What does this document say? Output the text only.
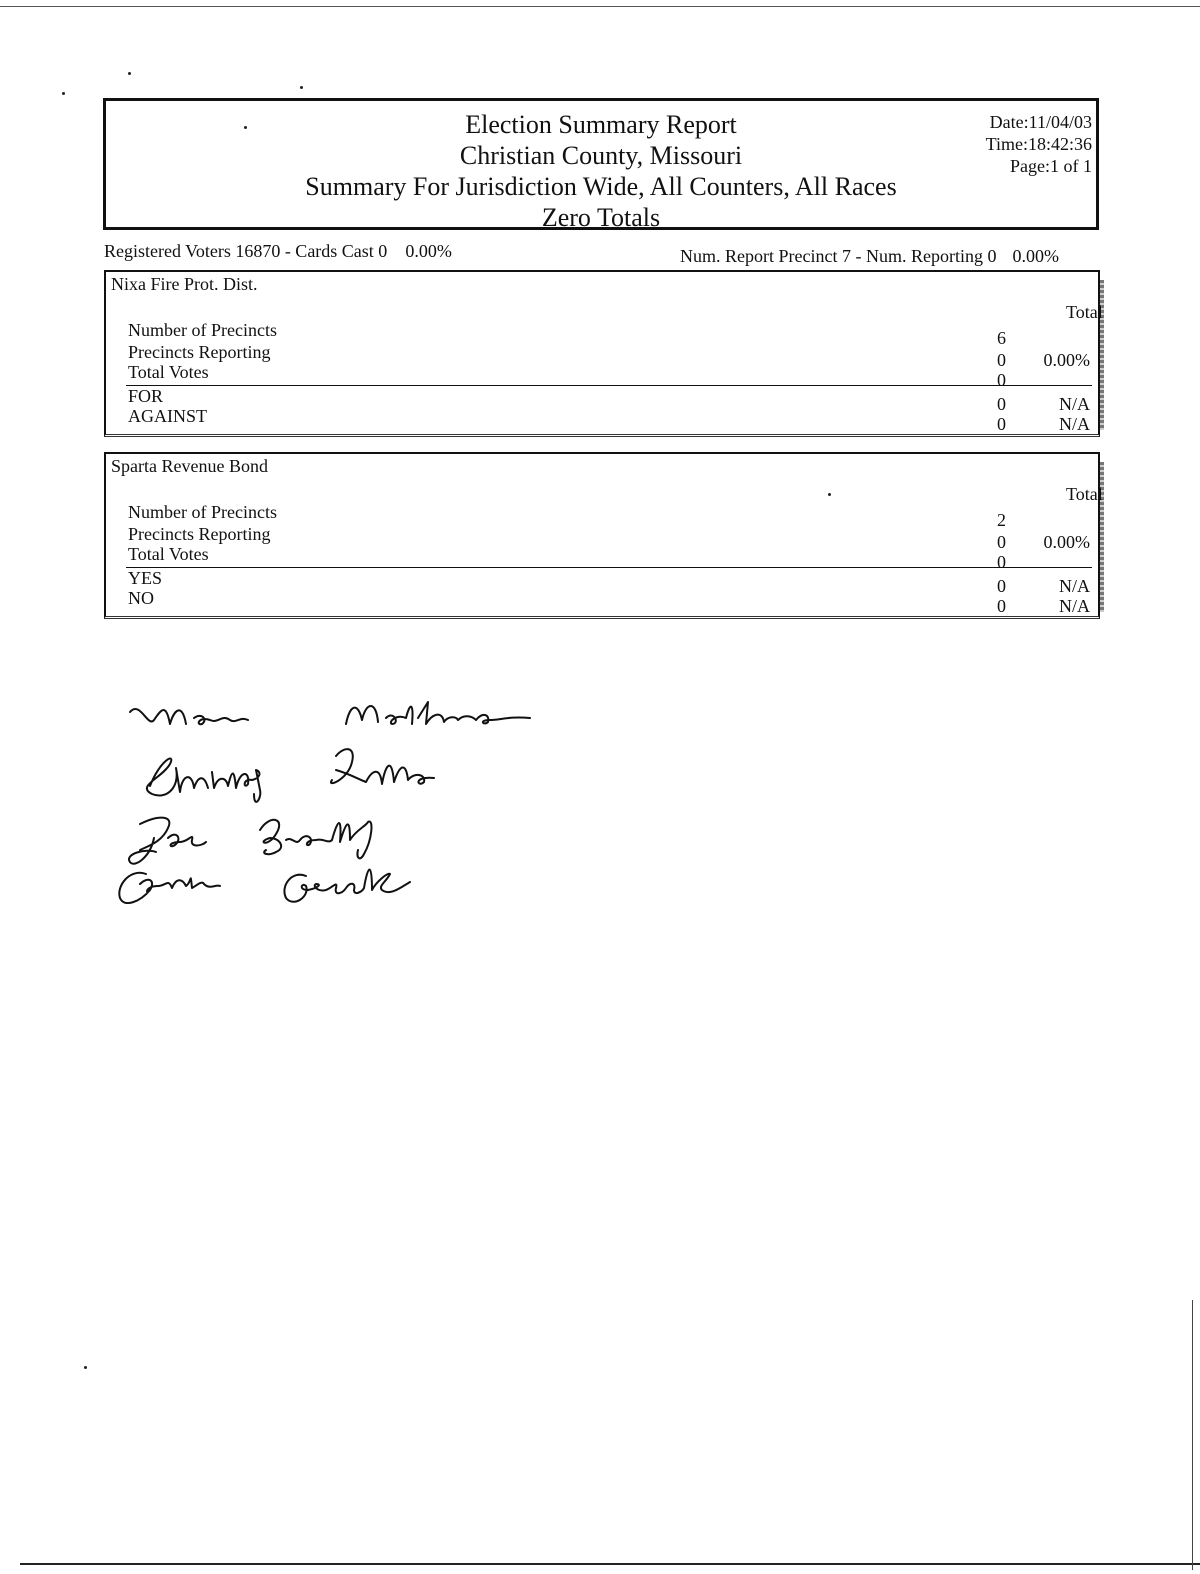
Election Summary Report
Christian County, Missouri
Summary For Jurisdiction Wide, All Counters, All Races
Zero Totals
Date:11/04/03
Time:18:42:36
Page:1 of 1
Registered Voters 16870 - Cards Cast 0 0.00%	Num. Report Precinct 7 - Num. Reporting 0 0.00%
Nixa Fire Prot. Dist.
Total
Number of Precincts	6
Precincts Reporting	0	0.00%
Total Votes	0
FOR	0	N/A
AGAINST	0	N/A
Sparta Revenue Bond
Total
Number of Precincts	2
Precincts Reporting	0	0.00%
Total Votes	0
YES	0	N/A
NO	0	N/A
